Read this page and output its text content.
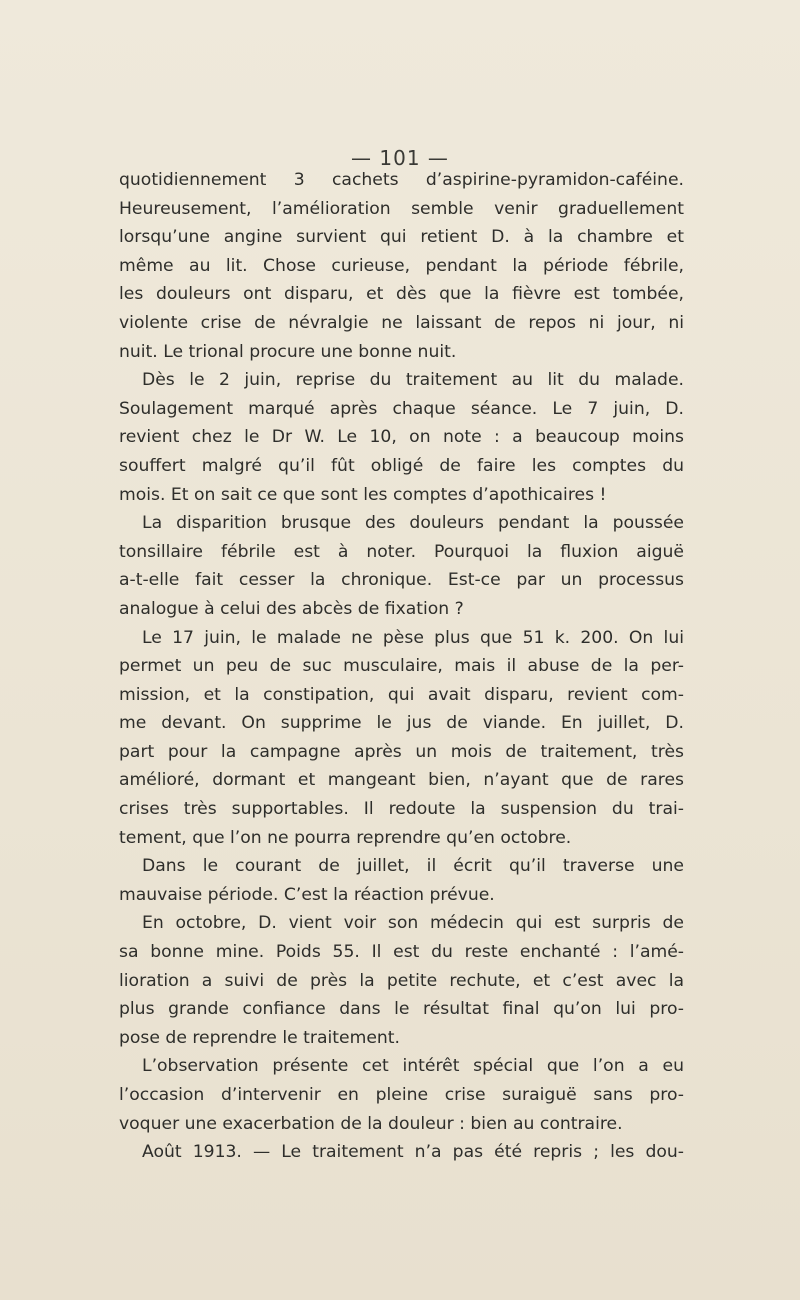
— 101 —
quotidiennement 3 cachets d’aspirine-pyramidon-caféine.
Heureusement, l’amélioration semble venir graduellement
lorsqu’une angine survient qui retient D. à la chambre et
même au lit. Chose curieuse, pendant la période fébrile,
les douleurs ont disparu, et dès que la fièvre est tombée,
violente crise de névralgie ne laissant de repos ni jour, ni
nuit. Le trional procure une bonne nuit.
Dès le 2 juin, reprise du traitement au lit du malade.
Soulagement marqué après chaque séance. Le 7 juin, D.
revient chez le Dr W. Le 10, on note : a beaucoup moins
souffert malgré qu’il fût obligé de faire les comptes du
mois. Et on sait ce que sont les comptes d’apothicaires !
La disparition brusque des douleurs pendant la poussée
tonsillaire fébrile est à noter. Pourquoi la fluxion aiguë
a-t-elle fait cesser la chronique. Est-ce par un processus
analogue à celui des abcès de fixation ?
Le 17 juin, le malade ne pèse plus que 51 k. 200. On lui
permet un peu de suc musculaire, mais il abuse de la per-
mission, et la constipation, qui avait disparu, revient com-
me devant. On supprime le jus de viande. En juillet, D.
part pour la campagne après un mois de traitement, très
amélioré, dormant et mangeant bien, n’ayant que de rares
crises très supportables. Il redoute la suspension du trai-
tement, que l’on ne pourra reprendre qu’en octobre.
Dans le courant de juillet, il écrit qu’il traverse une
mauvaise période. C’est la réaction prévue.
En octobre, D. vient voir son médecin qui est surpris de
sa bonne mine. Poids 55. Il est du reste enchanté : l’amé-
lioration a suivi de près la petite rechute, et c’est avec la
plus grande confiance dans le résultat final qu’on lui pro-
pose de reprendre le traitement.
L’observation présente cet intérêt spécial que l’on a eu
l’occasion d’intervenir en pleine crise suraiguë sans pro-
voquer une exacerbation de la douleur : bien au contraire.
Août 1913. — Le traitement n’a pas été repris ; les dou-
